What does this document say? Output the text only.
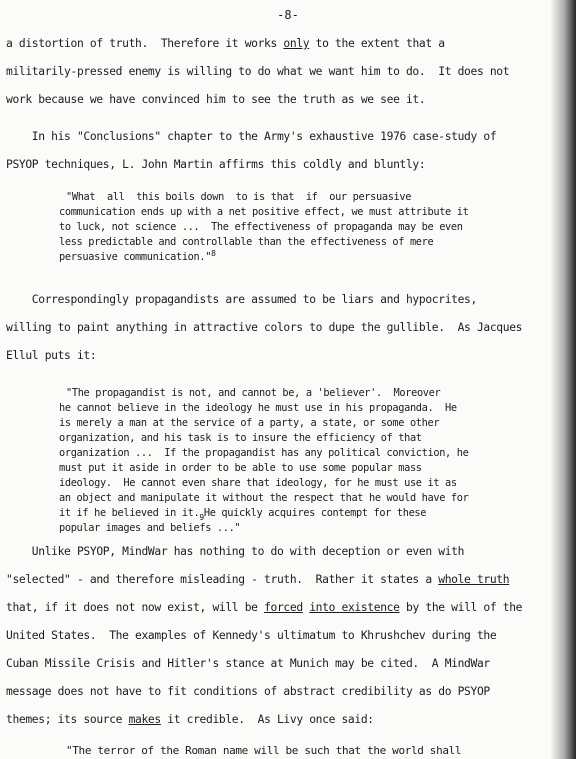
-8-
a distortion of truth.  Therefore it works only to the extent that a
militarily-pressed enemy is willing to do what we want him to do.  It does not
work because we have convinced him to see the truth as we see it.
In his "Conclusions" chapter to the Army's exhaustive 1976 case-study of
PSYOP techniques, L. John Martin affirms this coldly and bluntly:
"What  all  this boils down  to is that  if  our persuasive
communication ends up with a net positive effect, we must attribute it
to luck, not science ...  The effectiveness of propaganda may be even
less predictable and controllable than the effectiveness of mere
persuasive communication."$^8$
Correspondingly propagandists are assumed to be liars and hypocrites,
willing to paint anything in attractive colors to dupe the gullible.  As Jacques
Ellul puts it:
"The propagandist is not, and cannot be, a 'believer'.  Moreover
he cannot believe in the ideology he must use in his propaganda.  He
is merely a man at the service of a party, a state, or some other
organization, and his task is to insure the efficiency of that
organization ...  If the propagandist has any political conviction, he
must put it aside in order to be able to use some popular mass
ideology.  He cannot even share that ideology, for he must use it as
an object and manipulate it without the respect that he would have for
it if he believed in $it._9He$ quickly acquires contempt for these
popular images and beliefs ..."
Unlike PSYOP, MindWar has nothing to do with deception or even with
"selected" - and therefore misleading - truth.  Rather it states a whole truth
that, if it does not now exist, will be forced into existence by the will of the
United States.  The examples of Kennedy's ultimatum to Khrushchev during the
Cuban Missile Crisis and Hitler's stance at Munich may be cited.  A MindWar
message does not have to fit conditions of abstract credibility as do PSYOP
themes; its source makes it credible.  As Livy once said:
"The terror of the Roman name will be such that the world shall
